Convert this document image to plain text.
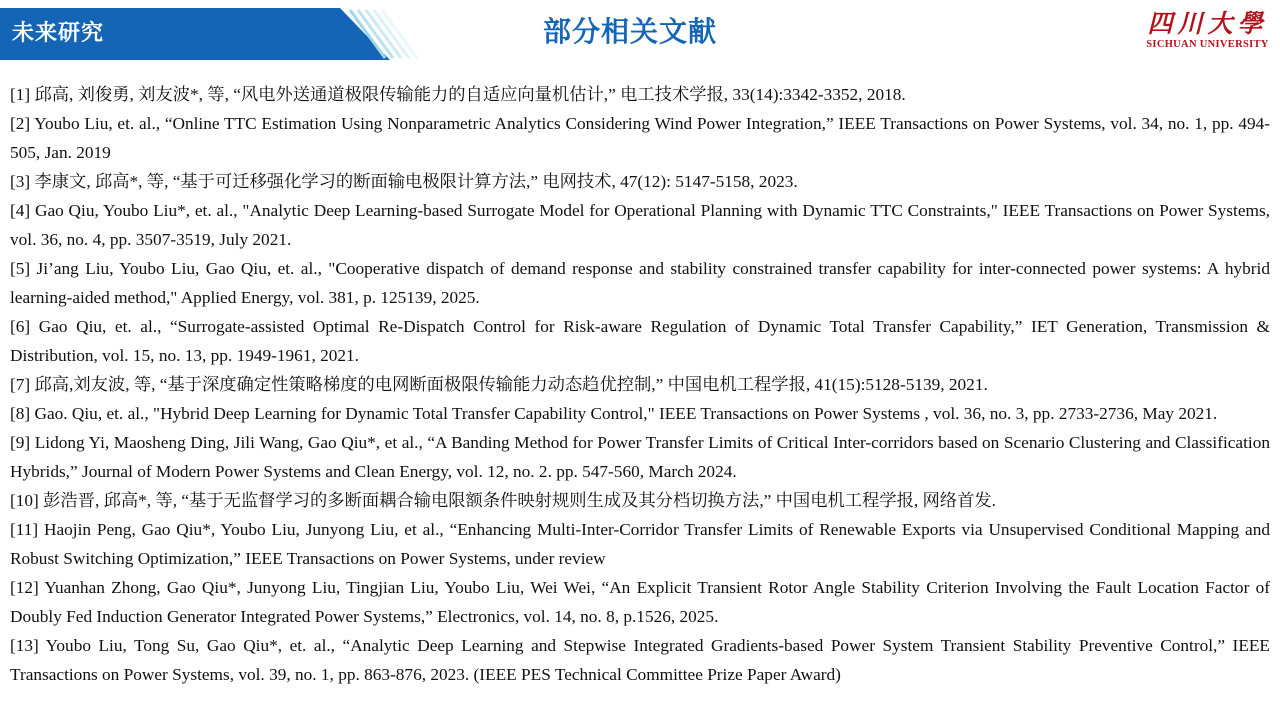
未来研究	部分相关文献	四川大學
SICHUAN UNIVERSITY
[1] 邱高, 刘俊勇, 刘友波*, 等, “风电外送通道极限传输能力的自适应向量机估计,” 电工技术学报, 33(14):3342-3352, 2018.
[2] Youbo Liu, et. al., “Online TTC Estimation Using Nonparametric Analytics Considering Wind Power Integration,” IEEE Transactions on Power Systems, vol. 34, no. 1, pp. 494-505, Jan. 2019
[3] 李康文, 邱高*, 等, “基于可迁移强化学习的断面输电极限计算方法,” 电网技术, 47(12): 5147-5158, 2023.
[4] Gao Qiu, Youbo Liu*, et. al., "Analytic Deep Learning-based Surrogate Model for Operational Planning with Dynamic TTC Constraints," IEEE Transactions on Power Systems, vol. 36, no. 4, pp. 3507-3519, July 2021.
[5] Ji’ang Liu, Youbo Liu, Gao Qiu, et. al., "Cooperative dispatch of demand response and stability constrained transfer capability for inter-connected power systems: A hybrid learning-aided method," Applied Energy, vol. 381, p. 125139, 2025.
[6] Gao Qiu, et. al., “Surrogate-assisted Optimal Re-Dispatch Control for Risk-aware Regulation of Dynamic Total Transfer Capability,” IET Generation, Transmission & Distribution, vol. 15, no. 13, pp. 1949-1961, 2021.
[7] 邱高,刘友波, 等, “基于深度确定性策略梯度的电网断面极限传输能力动态趋优控制,” 中国电机工程学报, 41(15):5128-5139, 2021.
[8] Gao. Qiu, et. al., "Hybrid Deep Learning for Dynamic Total Transfer Capability Control," IEEE Transactions on Power Systems , vol. 36, no. 3, pp. 2733-2736, May 2021.
[9] Lidong Yi, Maosheng Ding, Jili Wang, Gao Qiu*, et al., “A Banding Method for Power Transfer Limits of Critical Inter-corridors based on Scenario Clustering and Classification Hybrids,” Journal of Modern Power Systems and Clean Energy, vol. 12, no. 2. pp. 547-560, March 2024.
[10] 彭浩晋, 邱高*, 等, “基于无监督学习的多断面耦合输电限额条件映射规则生成及其分档切换方法,” 中国电机工程学报, 网络首发.
[11] Haojin Peng, Gao Qiu*, Youbo Liu, Junyong Liu, et al., “Enhancing Multi-Inter-Corridor Transfer Limits of Renewable Exports via Unsupervised Conditional Mapping and Robust Switching Optimization,” IEEE Transactions on Power Systems, under review
[12] Yuanhan Zhong, Gao Qiu*, Junyong Liu, Tingjian Liu, Youbo Liu, Wei Wei, “An Explicit Transient Rotor Angle Stability Criterion Involving the Fault Location Factor of Doubly Fed Induction Generator Integrated Power Systems,” Electronics, vol. 14, no. 8, p.1526, 2025.
[13] Youbo Liu, Tong Su, Gao Qiu*, et. al., “Analytic Deep Learning and Stepwise Integrated Gradients-based Power System Transient Stability Preventive Control,” IEEE Transactions on Power Systems, vol. 39, no. 1, pp. 863-876, 2023. (IEEE PES Technical Committee Prize Paper Award)
